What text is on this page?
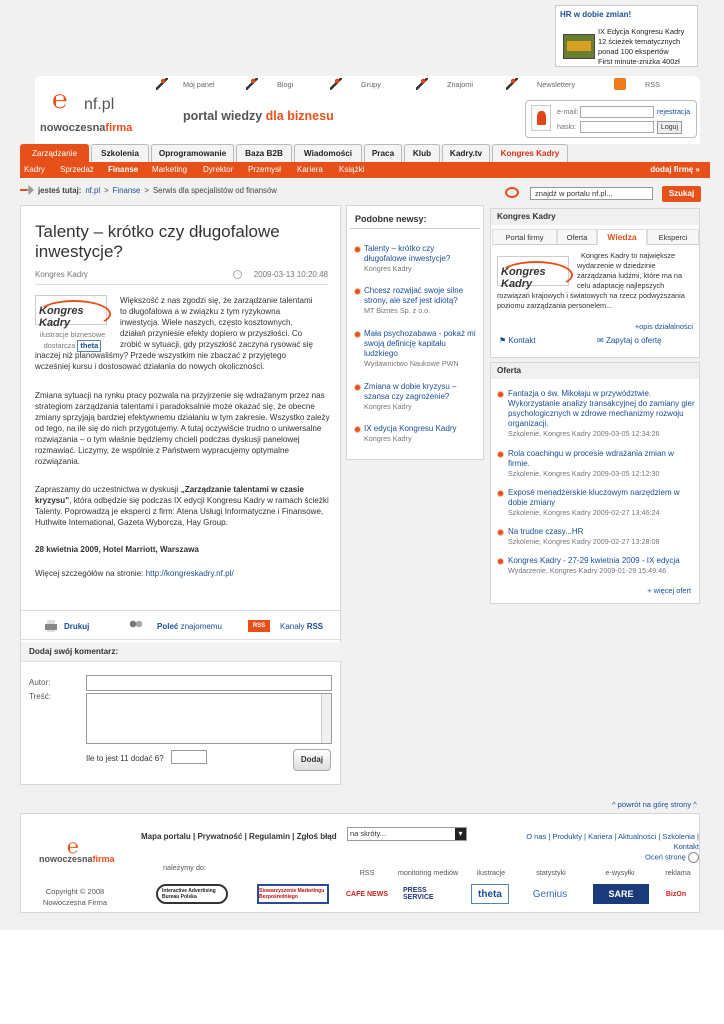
HR w dobie zmian!
IX Edycja Kongresu Kadry
12 ścieżek tematycznych
ponad 100 ekspertów
First minute-zniżka 400zł
Mój panel	Blogi	Grupy	Znajomi	Newslettery	RSS
℮	nf.pl
nowoczesnafirma
portal wiedzy dla biznesu	e-mail:
hasło:
rejestracja
Loguj
Zarządzanie	Szkolenia	Oprogramowanie	Baza B2B	Wiadomości	Praca	Klub	Kadry.tv	Kongres Kadry
Kadry Sprzedaż Finanse Marketing Dyrektor Przemysł Kariera Książki	dodaj firmę »
jesteś tutaj: nf.pl > Finanse > Serwis dla specjalistów od finansów	znajdź w portalu nf.pl...	Szukaj
Talenty – krótko czy długofalowe inwestycje?
Kongres Kadry	2009-03-13 10:20:48
Kongres Kadry
ilustracje biznesowe dostarcza theta
Większość z nas zgodzi się, że zarządzanie talentami
to długofalowa a w związku z tym ryzykowna
inwestycja. Wiele naszych, często kosztownych,
działań przyniesie efekty dopiero w przyszłości. Co
zrobić w sytuacji, gdy przyszłość zaczyna rysować się
inaczej niż planowaliśmy? Przede wszystkim nie zbaczać z przyjętego
wcześniej kursu i dostosować działania do nowych okoliczności.
Zmiana sytuacji na rynku pracy pozwala na przyjrzenie się wdrażanym przez nas strategiom zarządzania talentami i paradoksalnie może okazać się, że obecne zmiany sprzyjają bardziej efektywnemu działaniu w tym zakresie. Wszystko zależy od tego, na ile się do nich przygotujemy. A tutaj oczywiście trudno o uniwersalne rozwiązania – o tym właśnie będziemy chcieli podczas dyskusji panelowej rozmawiać. Liczymy, że wspólnie z Państwem wypracujemy optymalne rozwiązania.
Zapraszamy do uczestnictwa w dyskusji „Zarządzanie talentami w czasie kryzysu”, która odbędzie się podczas IX edycji Kongresu Kadry w ramach ścieżki Talenty. Poprowadzą je eksperci z firm: Atena Usługi Informatyczne i Finansowe, Huthwite International, Gazeta Wyborcza, Hay Group.
28 kwietnia 2009, Hotel Marriott, Warszawa
Więcej szczegółów na stronie: http://kongreskadry.nf.pl/
Drukuj	Poleć znajomemu	RSS	Kanały RSS
Dodaj swój komentarz:
Autor:
Treść:
Ile to jest 11 dodać 6?	Dodaj
Podobne newsy:
Talenty – krótko czy długofalowe inwestycje?
Kongres Kadry
Chcesz rozwijać swoje silne strony, ale szef jest idiotą?
MT Biznes Sp. z o.o.
Mała psychozabawa - pokaż mi swoją definicję kapitału ludzkiego
Wydawnictwo Naukowe PWN
Zmiana w dobie kryzysu – szansa czy zagrożenie?
Kongres Kadry
IX edycja Kongresu Kadry
Kongres Kadry
Kongres Kadry
Portal firmy	Oferta	Wiedza	Eksperci
Kongres Kadry to największe wydarzenie w dziedzinie zarządzania ludźmi, które ma na celu adaptację najlepszych rozwiązań krajowych i światowych na rzecz podwyższania poziomu zarządzania personelem...
Kongres Kadry
+opis działalności
⚑ Kontakt	✉ Zapytaj o ofertę
Oferta
Fantazja o św. Mikołaju w przywództwie. Wykorzystanie analizy transakcyjnej do zamiany gier psychologicznych w zdrowe mechanizmy rozwoju organizacji.
Szkolenie, Kongres Kadry 2009-03-05 12:34:26
Rola coachingu w procesie wdrażania zmian w firmie.
Szkolenie, Kongres Kadry 2009-03-05 12:12:30
Exposé menadżerskie kluczowym narzędziem w dobie zmiany
Szkolenie, Kongres Kadry 2009-02-27 13:46:24
Na trudne czasy...HR
Szkolenie, Kongres Kadry 2009-02-27 13:28:08
Kongres Kadry - 27-29 kwietnia 2009 - IX edycja
Wydarzenie, Kongres Kadry 2009-01-29 15:49:46
+ więcej ofert
^ powrót na górę strony ^
℮
nowoczesnafirma
Copyright © 2008 Nowoczesna Firma
Mapa portalu | Prywatność | Regulamin | Zgłoś błąd	na skróty... ▾	O nas | Produkty | Kariera | Aktualności | Szkolenia | Kontakt
Oceń stronę
należymy do:
RSS	monitoring mediów	ilustracje	statystyki	e-wysyłki	reklama
Interactive Advertising Bureau Polska
Stowarzyszenie Marketingu Bezpośredniego	CAFE NEWS	PRESS SERVICE	theta	Gemius	SARE	BizOn
